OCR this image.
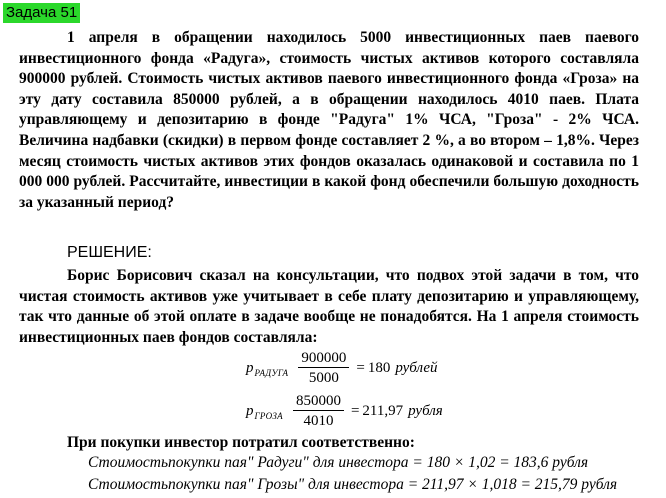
Задача 51

1 апреля в обращении находилось 5000 инвестиционных паев паевого инвестиционного фонда «Радуга», стоимость чистых активов которого составляла 900000 рублей. Стоимость чистых активов паевого инвестиционного фонда «Гроза» на эту дату составила 850000 рублей, а в обращении находилось 4010 паев. Плата управляющему и депозитарию в фонде "Радуга" 1% ЧСА, "Гроза" - 2% ЧСА. Величина надбавки (скидки) в первом фонде составляет 2 %, а во втором – 1,8%. Через месяц стоимость чистых активов этих фондов оказалась одинаковой и составила по 1 000 000 рублей. Рассчитайте, инвестиции в какой фонд обеспечили большую доходность за указанный период?

РЕШЕНИЕ:

Борис Борисович сказал на консультации, что подвох этой задачи в том, что чистая стоимость активов уже учитывает в себе плату депозитарию и управляющему, так что данные об этой оплате в задаче вообще не понадобятся. На 1 апреля стоимость инвестиционных паев фондов составляла:

p РАДУГА $\frac{900000}{5000} = 180$ рублей
p ГРОЗА $\frac{850000}{4010} = 211,97$ рубля
При покупки инвестор потратил соответственно:
Стоимостьпокупки пая" Радуги" для инвестора = 180 × 1,02 = 183,6 рубля
Стоимостьпокупки пая" Грозы" для инвестора = 211,97 × 1,018 = 215,79 рубля
